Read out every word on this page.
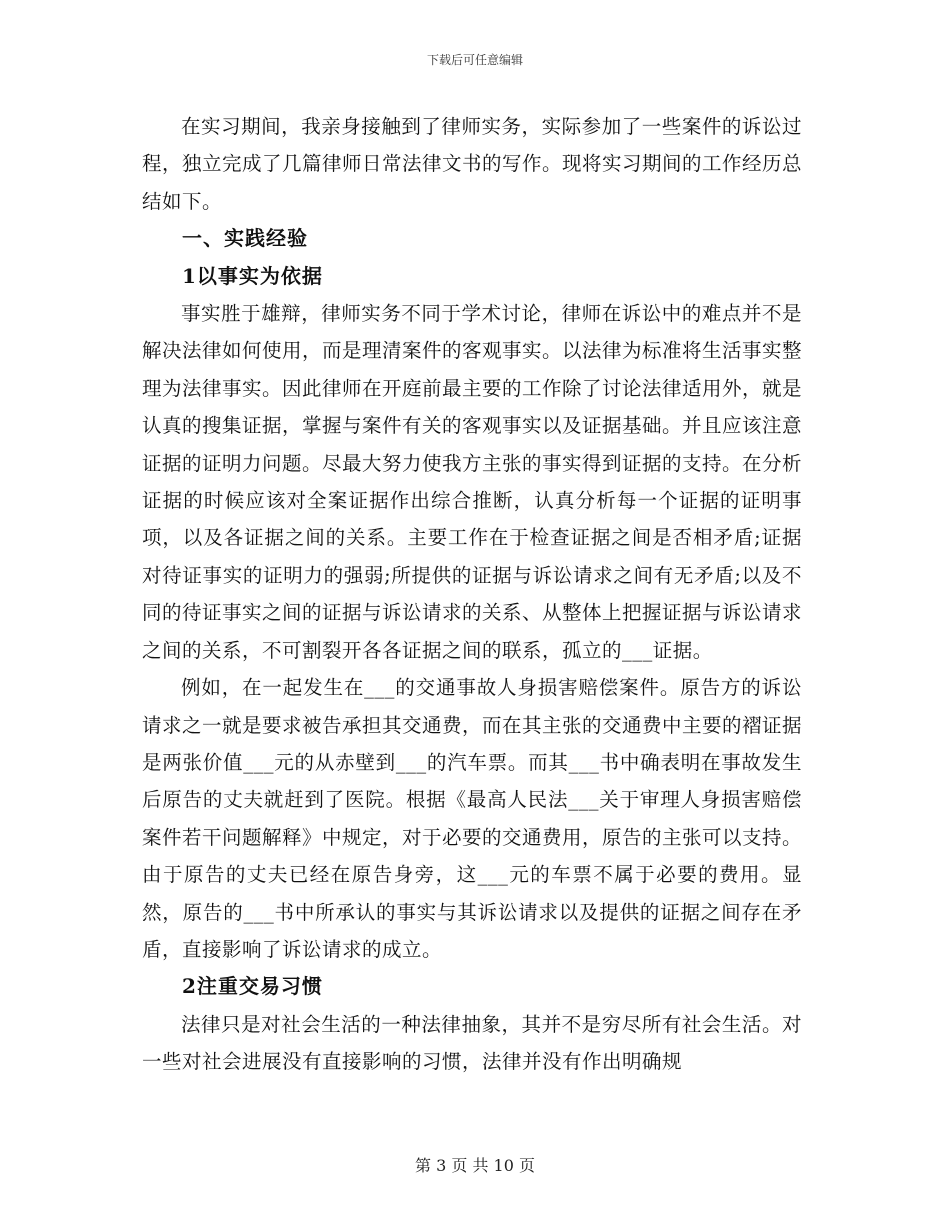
下载后可任意编辑

在实习期间，我亲身接触到了律师实务，实际参加了一些案件的诉讼过程，独立完成了几篇律师日常法律文书的写作。现将实习期间的工作经历总结如下。

一、实践经验

1以事实为依据

事实胜于雄辩，律师实务不同于学术讨论，律师在诉讼中的难点并不是解决法律如何使用，而是理清案件的客观事实。以法律为标准将生活事实整理为法律事实。因此律师在开庭前最主要的工作除了讨论法律适用外，就是认真的搜集证据，掌握与案件有关的客观事实以及证据基础。并且应该注意证据的证明力问题。尽最大努力使我方主张的事实得到证据的支持。在分析证据的时候应该对全案证据作出综合推断，认真分析每一个证据的证明事项，以及各证据之间的关系。主要工作在于检查证据之间是否相矛盾;证据对待证事实的证明力的强弱;所提供的证据与诉讼请求之间有无矛盾;以及不同的待证事实之间的证据与诉讼请求的关系、从整体上把握证据与诉讼请求之间的关系，不可割裂开各各证据之间的联系，孤立的___证据。

例如，在一起发生在___的交通事故人身损害赔偿案件。原告方的诉讼请求之一就是要求被告承担其交通费，而在其主张的交通费中主要的褶证据是两张价值___元的从赤壁到___的汽车票。而其___书中确表明在事故发生后原告的丈夫就赶到了医院。根据《最高人民法___关于审理人身损害赔偿案件若干问题解释》中规定，对于必要的交通费用，原告的主张可以支持。由于原告的丈夫已经在原告身旁，这___元的车票不属于必要的费用。显然，原告的___书中所承认的事实与其诉讼请求以及提供的证据之间存在矛盾，直接影响了诉讼请求的成立。

2注重交易习惯

法律只是对社会生活的一种法律抽象，其并不是穷尽所有社会生活。对一些对社会进展没有直接影响的习惯，法律并没有作出明确规

第 3 页 共 10 页
